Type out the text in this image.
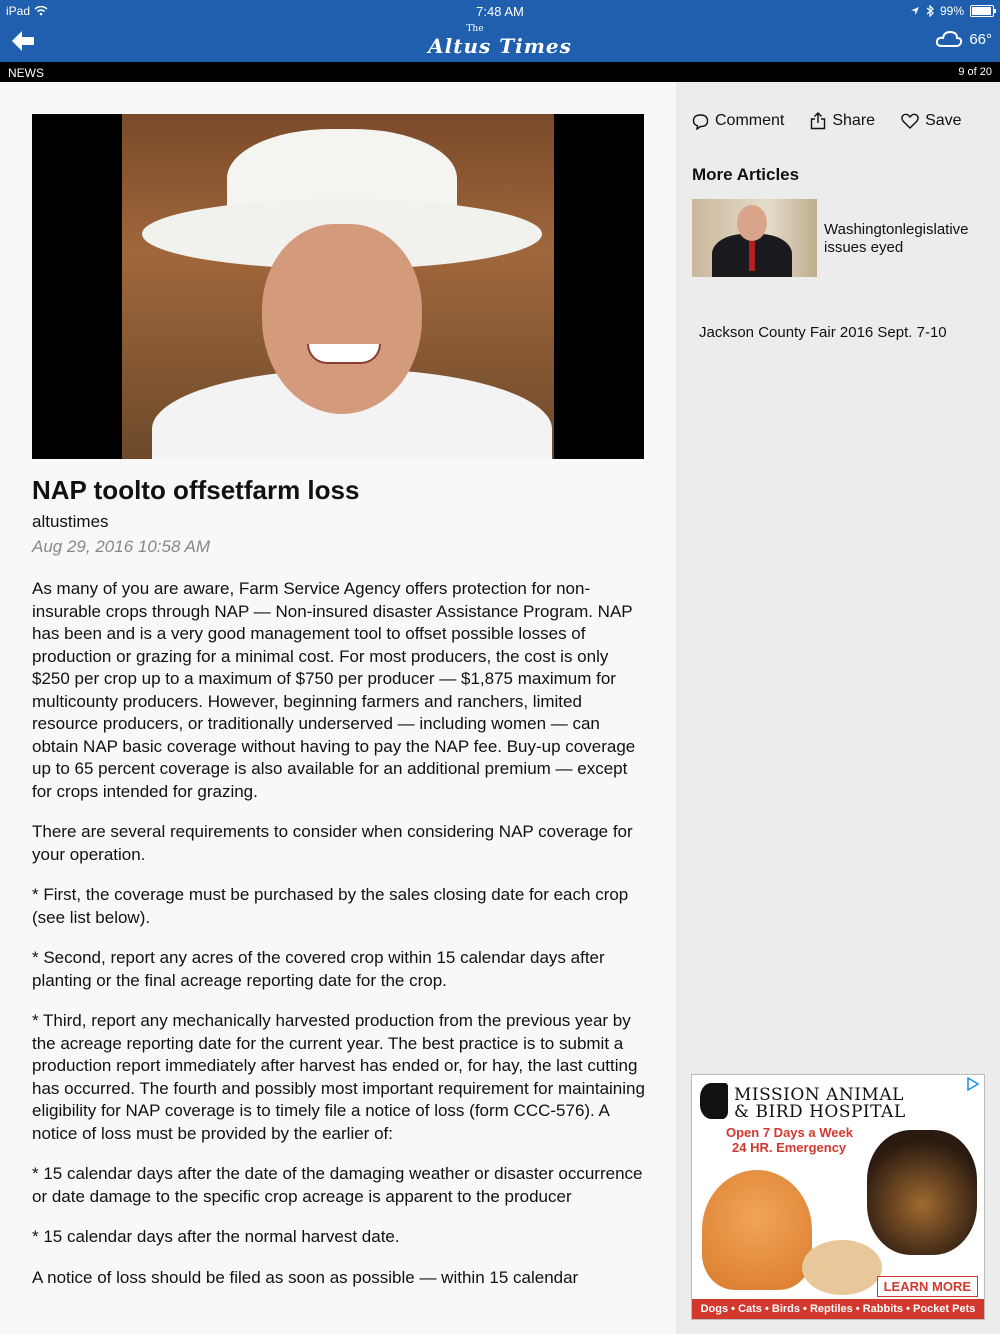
iPad	7:48 AM	99%
The
Altus Times	66°
NEWS	9 of 20
NAP toolto offsetfarm loss
altustimes
Aug 29, 2016 10:58 AM

As many of you are aware, Farm Service Agency offers protection for non-insurable crops through NAP — Non-insured disaster Assistance Program. NAP has been and is a very good management tool to offset possible losses of production or grazing for a minimal cost. For most producers, the cost is only $250 per crop up to a maximum of $750 per producer — $1,875 maximum for multicounty producers. However, beginning farmers and ranchers, limited resource producers, or traditionally underserved — including women — can obtain NAP basic coverage without having to pay the NAP fee. Buy-up coverage up to 65 percent coverage is also available for an additional premium — except for crops intended for grazing.

There are several requirements to consider when considering NAP coverage for your operation.

* First, the coverage must be purchased by the sales closing date for each crop (see list below).

* Second, report any acres of the covered crop within 15 calendar days after planting or the final acreage reporting date for the crop.

* Third, report any mechanically harvested production from the previous year by the acreage reporting date for the current year. The best practice is to submit a production report immediately after harvest has ended or, for hay, the last cutting has occurred. The fourth and possibly most important requirement for maintaining eligibility for NAP coverage is to timely file a notice of loss (form CCC-576). A notice of loss must be provided by the earlier of:

* 15 calendar days after the date of the damaging weather or disaster occurrence or date damage to the specific crop acreage is apparent to the producer

* 15 calendar days after the normal harvest date.

A notice of loss should be filed as soon as possible — within 15 calendar

Comment	Share	Save
More Articles
Washingtonlegislative issues eyed
Jackson County Fair 2016 Sept. 7-10
MISSION ANIMAL
& BIRD HOSPITAL
Open 7 Days a Week
24 HR. Emergency
LEARN MORE
Dogs • Cats • Birds • Reptiles • Rabbits • Pocket Pets
